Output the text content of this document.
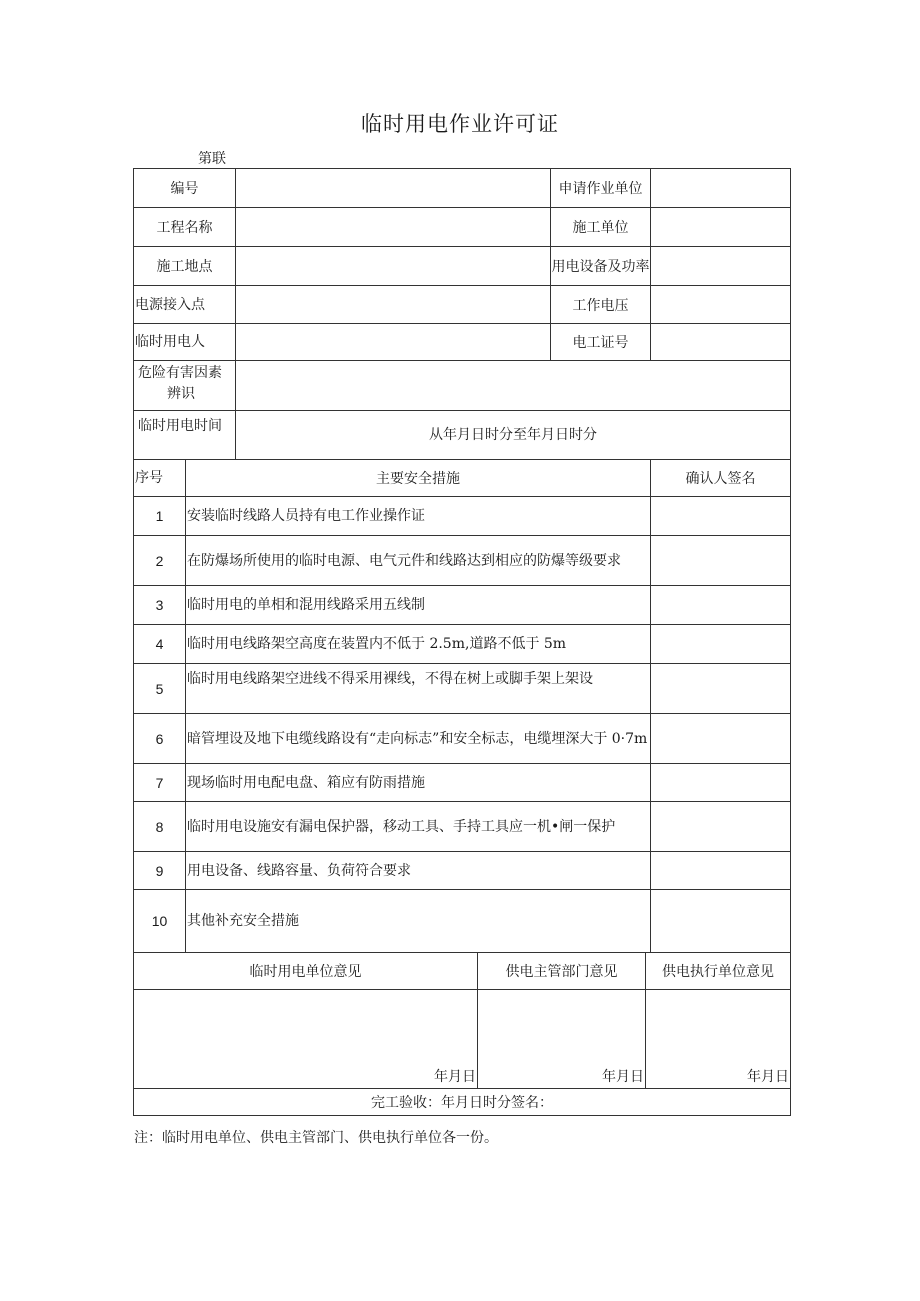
临时用电作业许可证
第联
编号				申请作业单位		
工程名称				施工单位		
施工地点				用电设备及功率		
电源接入点				工作电压		
临时用电人				电工证号		
危险有害因素
辨识						
临时用电时间		从年月日时分至年月日时分				
序号	主要安全措施					确认人签名
1	安装临时线路人员持有电工作业操作证					
2	在防爆场所使用的临时电源、电气元件和线路达到相应的防爆等级要求					
3	临时用电的单相和混用线路采用五线制					
4	临时用电线路架空高度在装置内不低于 2.5m,道路不低于 5m					
5	临时用电线路架空进线不得采用裸线，不得在树上或脚手架上架设					
6	暗管埋设及地下电缆线路设有“走向标志”和安全标志，电缆埋深大于 0·7m					
7	现场临时用电配电盘、箱应有防雨措施					
8	临时用电设施安有漏电保护器，移动工具、手持工具应一机•闸一保护					
9	用电设备、线路容量、负荷符合要求					
10	其他补充安全措施					
临时用电单位意见			供电主管部门意见		供电执行单位意见	

年月日			年月日		年月日	

完工验收：年月日时分签名：						
注：临时用电单位、供电主管部门、供电执行单位各一份。
